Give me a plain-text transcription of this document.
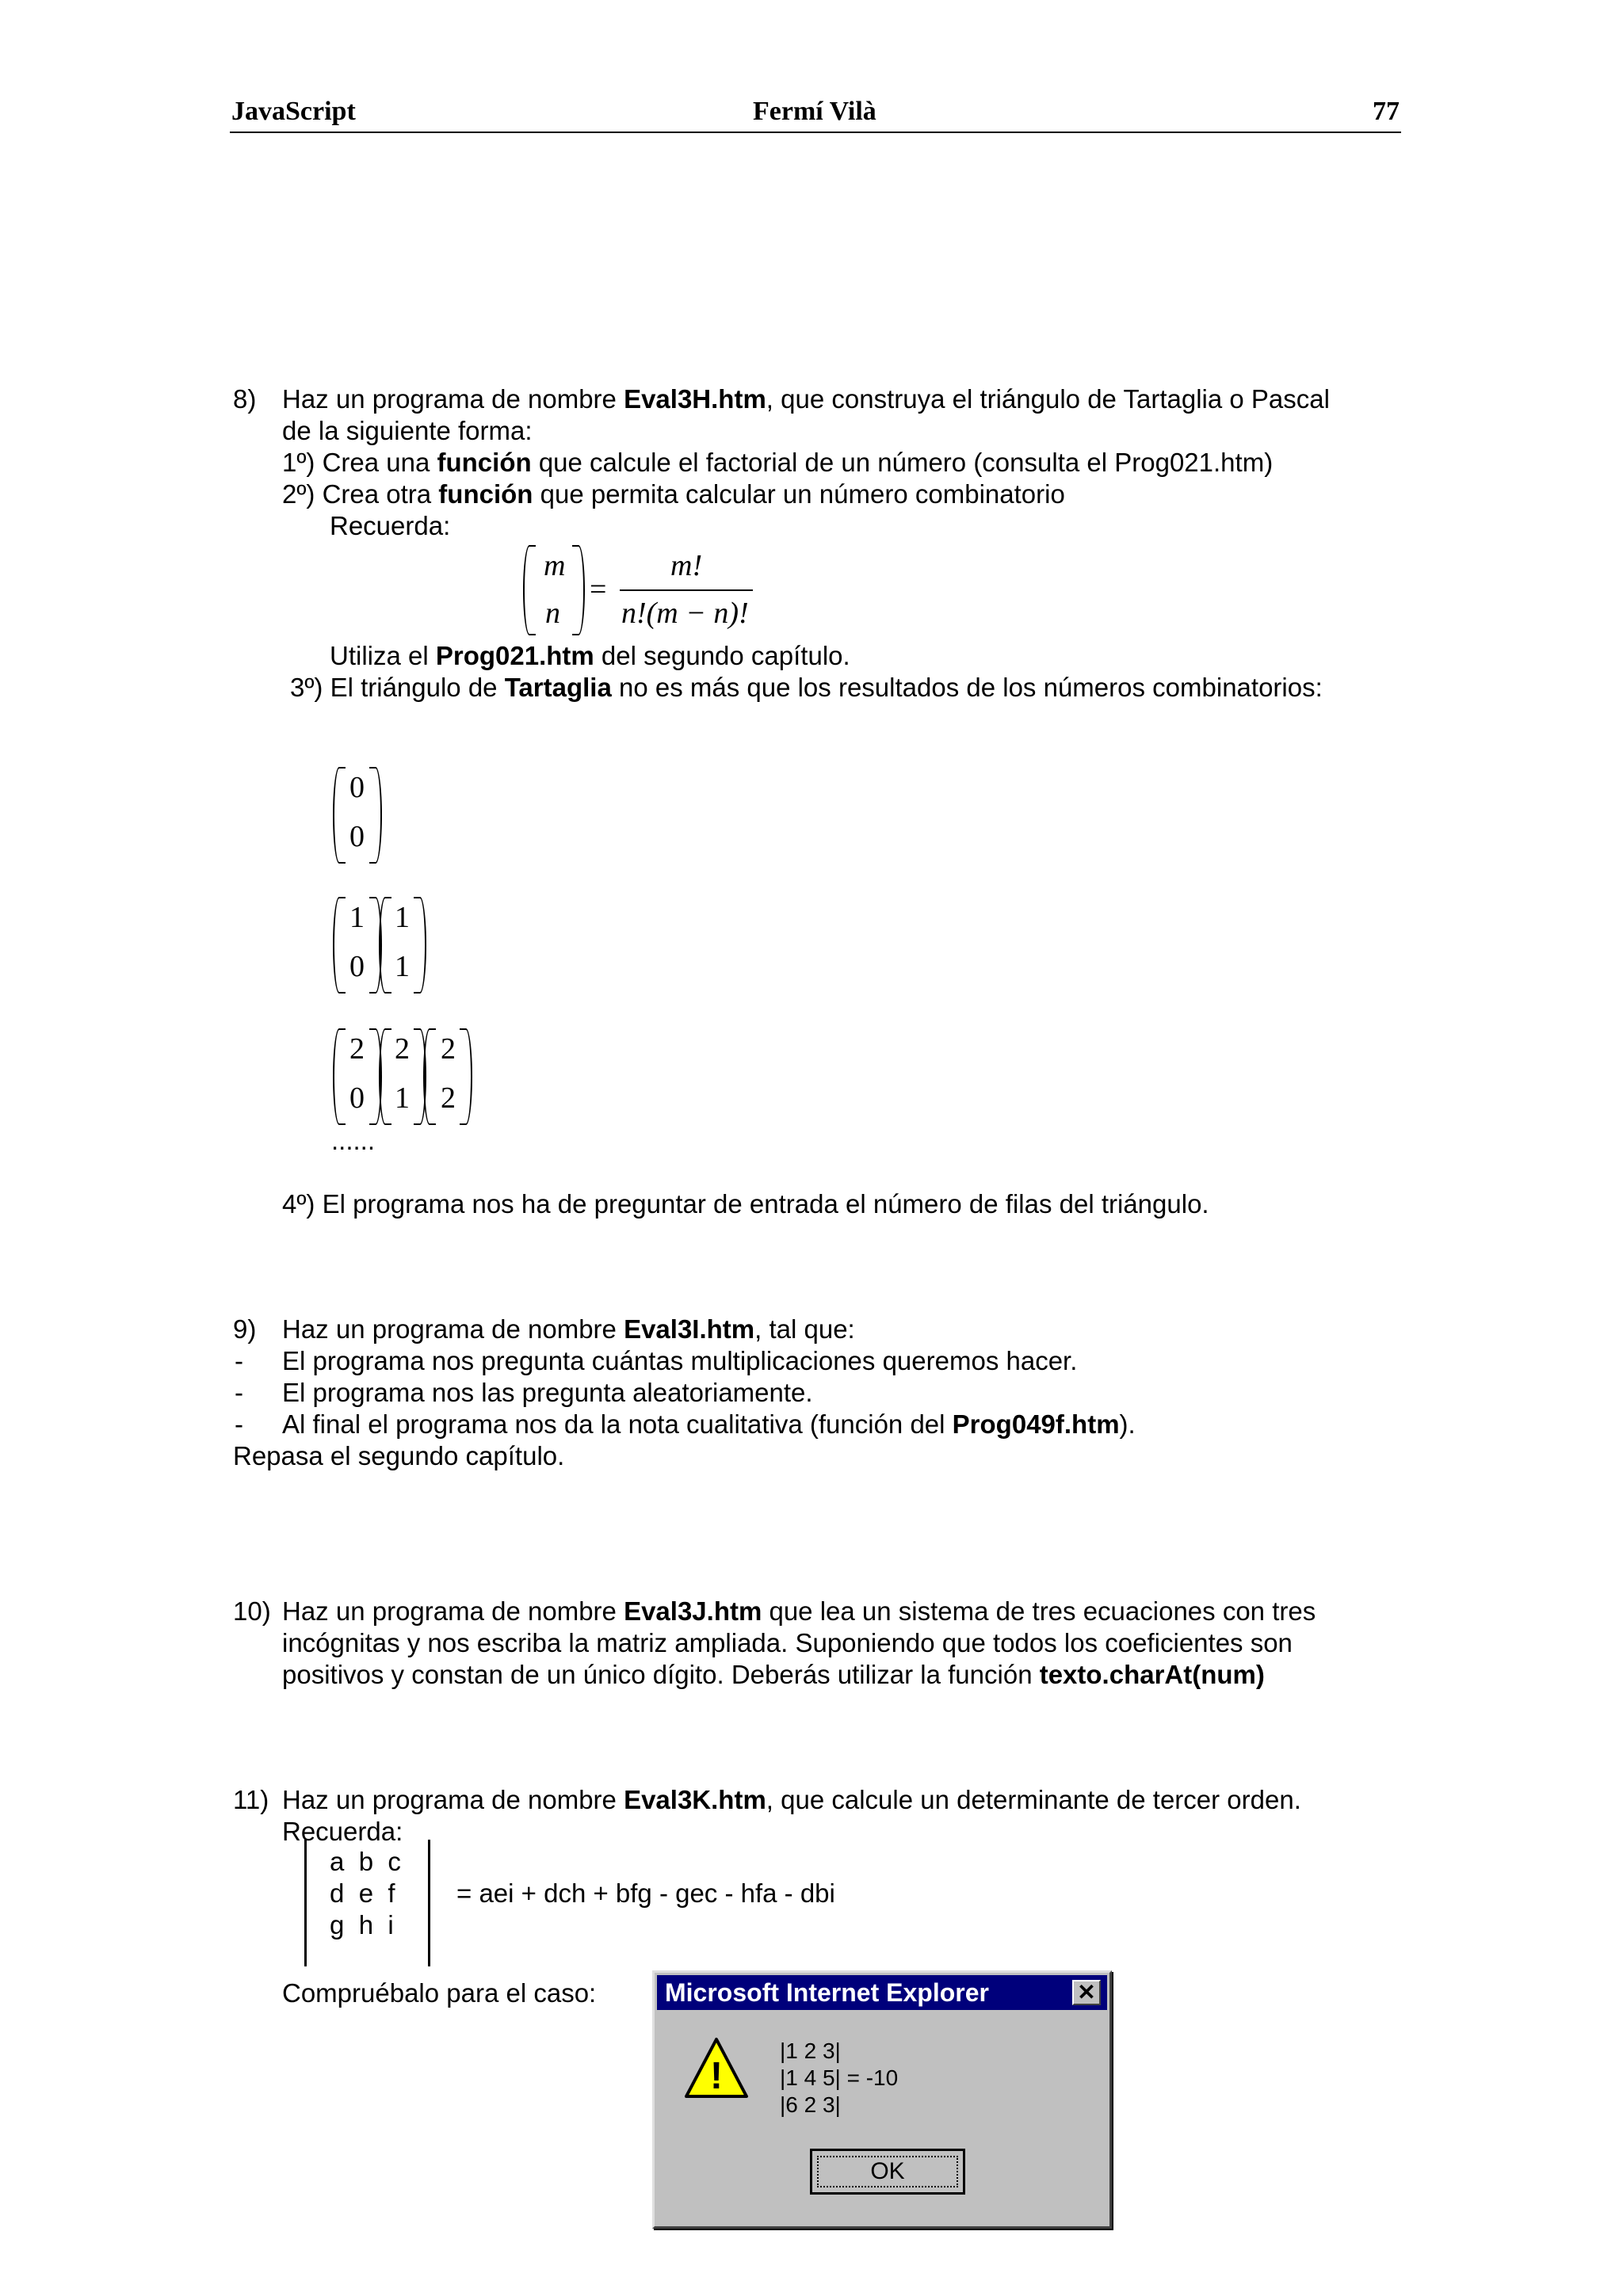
JavaScript	Fermí Vilà	77
8) Haz un programa de nombre Eval3H.htm, que construya el triángulo de Tartaglia o Pascal
de la siguiente forma:
1º) Crea una función que calcule el factorial de un número (consulta el Prog021.htm)
2º) Crea otra función que permita calcular un número combinatorio
Recuerda:
m
n
=
m!
n!(m − n)!
Utiliza el Prog021.htm del segundo capítulo.
3º) El triángulo de Tartaglia no es más que los resultados de los números combinatorios:
0
0
1
0
1
1
2
0
2
1
2
2
......
4º) El programa nos ha de preguntar de entrada el número de filas del triángulo.
9) Haz un programa de nombre Eval3I.htm, tal que:
- El programa nos pregunta cuántas multiplicaciones queremos hacer.
- El programa nos las pregunta aleatoriamente.
- Al final el programa nos da la nota cualitativa (función del Prog049f.htm).
Repasa el segundo capítulo.
10) Haz un programa de nombre Eval3J.htm que lea un sistema de tres ecuaciones con tres
incógnitas y nos escriba la matriz ampliada. Suponiendo que todos los coeficientes son
positivos y constan de un único dígito. Deberás utilizar la función texto.charAt(num)
11) Haz un programa de nombre Eval3K.htm, que calcule un determinante de tercer orden.
Recuerda:
a  b  c
d  e  f
g  h  i
= aei + dch + bfg - gec - hfa - dbi
Compruébalo para el caso:	Microsoft Internet Explorer	✕
!
|1 2 3|
|1 4 5| = -10
|6 2 3|
OK
